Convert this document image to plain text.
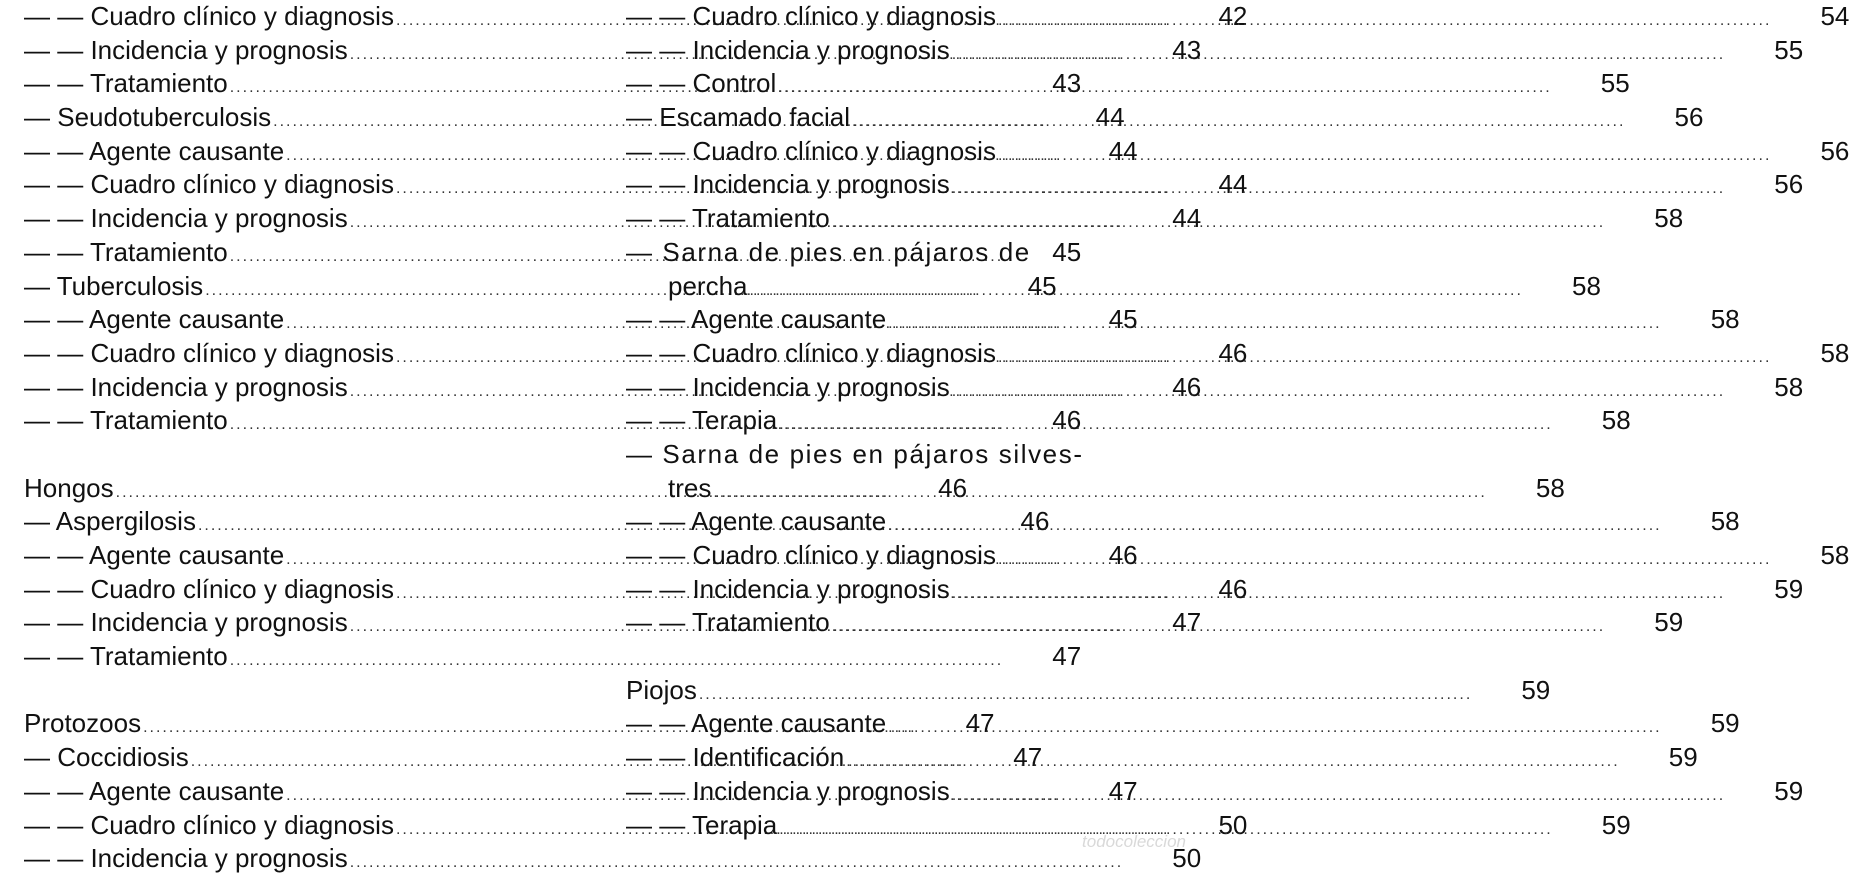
— — Cuadro clínico y diagnosis .....	42
— — Incidencia y prognosis .....	43
— — Tratamiento .....	43
— Seudotuberculosis .....	44
— — Agente causante .....	44
— — Cuadro clínico y diagnosis .....	44
— — Incidencia y prognosis .....	44
— — Tratamiento .....	45
— Tuberculosis .....	45
— — Agente causante .....	45
— — Cuadro clínico y diagnosis .....	46
— — Incidencia y prognosis .....	46
— — Tratamiento .....	46
Hongos .....	46
— Aspergilosis .....	46
— — Agente causante .....	46
— — Cuadro clínico y diagnosis .....	46
— — Incidencia y prognosis .....	47
— — Tratamiento .....	47
Protozoos .....	47
— Coccidiosis .....	47
— — Agente causante .....	47
— — Cuadro clínico y diagnosis .....	50
— — Incidencia y prognosis .....	50
— — Cuadro clínico y diagnosis .....	54
— — Incidencia y prognosis .....	55
— — Control .....	55
— Escamado facial .....	56
— — Cuadro clínico y diagnosis .....	56
— — Incidencia y prognosis .....	56
— — Tratamiento .....	58
— Sarna de pies en pájaros de
percha .....	58
— — Agente causante .....	58
— — Cuadro clínico y diagnosis .....	58
— — Incidencia y prognosis .....	58
— — Terapia .....	58
— Sarna de pies en pájaros silves-
tres .....	58
— — Agente causante .....	58
— — Cuadro clínico y diagnosis .....	58
— — Incidencia y prognosis .....	59
— — Tratamiento .....	59
Piojos .....	59
— — Agente causante .....	59
— — Identificación .....	59
— — Incidencia y prognosis .....	59
— — Terapia .....	59
todocoleccion
